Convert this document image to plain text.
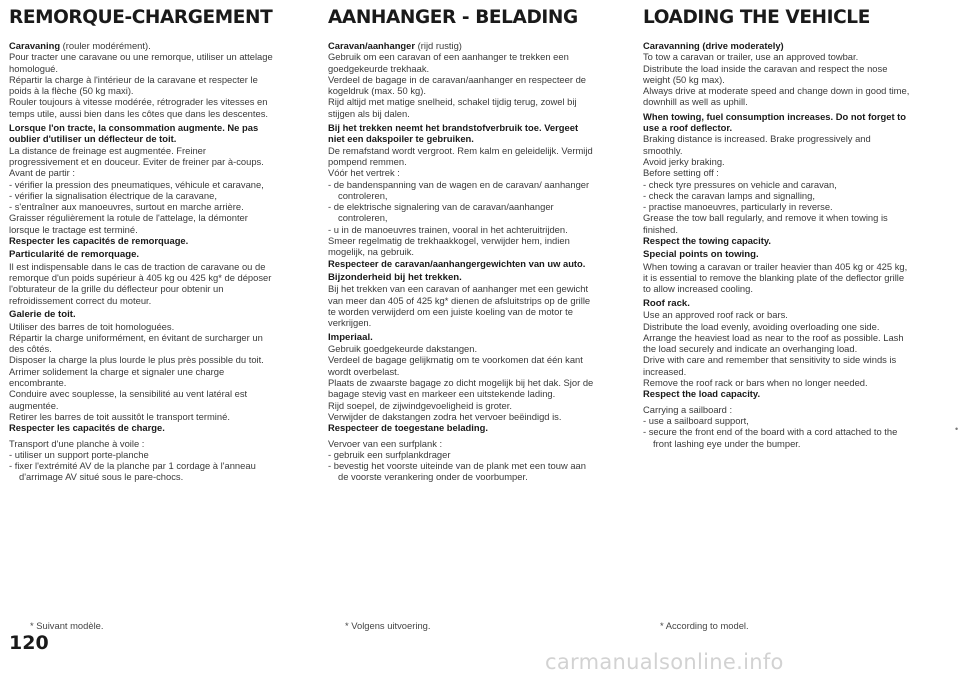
REMORQUE-CHARGEMENT

Caravaning (rouler modérément).

Pour tracter une caravane ou une remorque, utiliser un attelage

homologué.

Répartir la charge à l'intérieur de la caravane et respecter le

poids à la flèche (50 kg maxi).

Rouler toujours à vitesse modérée, rétrograder les vitesses en

temps utile, aussi bien dans les côtes que dans les descentes.

Lorsque l'on tracte, la consommation augmente. Ne pas

oublier d'utiliser un déflecteur de toit.

La distance de freinage est augmentée. Freiner

progressivement et en douceur. Eviter de freiner par à-coups.

Avant de partir :

- vérifier la pression des pneumatiques, véhicule et caravane,

- vérifier la signalisation électrique de la caravane,

- s'entraîner aux manoeuvres, surtout en marche arrière.

Graisser régulièrement la rotule de l'attelage, la démonter

lorsque le tractage est terminé.

Respecter les capacités de remorquage.

Particularité de remorquage.

Il est indispensable dans le cas de traction de caravane ou de

remorque d'un poids supérieur à 405 kg ou 425 kg* de déposer

l'obturateur de la grille du déflecteur pour obtenir un

refroidissement correct du moteur.

Galerie de toit.

Utiliser des barres de toit homologuées.

Répartir la charge uniformément, en évitant de surcharger un

des côtés.

Disposer la charge la plus lourde le plus près possible du toit.

Arrimer solidement la charge et signaler une charge

encombrante.

Conduire avec souplesse, la sensibilité au vent latéral est

augmentée.

Retirer les barres de toit aussitôt le transport terminé.

Respecter les capacités de charge.

Transport d'une planche à voile :

- utiliser un support porte-planche

- fixer l'extrémité AV de la planche par 1 cordage à l'anneau

d'arrimage AV situé sous le pare-chocs.

AANHANGER - BELADING

Caravan/aanhanger (rijd rustig)

Gebruik om een caravan of een aanhanger te trekken een

goedgekeurde trekhaak.

Verdeel de bagage in de caravan/aanhanger en respecteer de

kogeldruk (max. 50 kg).

Rijd altijd met matige snelheid, schakel tijdig terug, zowel bij

stijgen als bij dalen.

Bij het trekken neemt het brandstofverbruik toe. Vergeet

niet een dakspoiler te gebruiken.

De remafstand wordt vergroot. Rem kalm en geleidelijk. Vermijd

pompend remmen.

Vóór het vertrek :

- de bandenspanning van de wagen en de caravan/ aanhanger

controleren,

- de elektrische signalering van de caravan/aanhanger

controleren,

- u in de manoeuvres trainen, vooral in het achteruitrijden.

Smeer regelmatig de trekhaakkogel, verwijder hem, indien

mogelijk, na gebruik.

Respecteer de caravan/aanhangergewichten van uw auto.

Bijzonderheid bij het trekken.

Bij het trekken van een caravan of aanhanger met een gewicht

van meer dan 405 of 425 kg* dienen de afsluitstrips op de grille

te worden verwijderd om een juiste koeling van de motor te

verkrijgen.

Imperiaal.

Gebruik goedgekeurde dakstangen.

Verdeel de bagage gelijkmatig om te voorkomen dat één kant

wordt overbelast.

Plaats de zwaarste bagage zo dicht mogelijk bij het dak. Sjor de

bagage stevig vast en markeer een uitstekende lading.

Rijd soepel, de zijwindgevoeligheid is groter.

Verwijder de dakstangen zodra het vervoer beëindigd is.

Respecteer de toegestane belading.

Vervoer van een surfplank :

- gebruik een surfplankdrager

- bevestig het voorste uiteinde van de plank met een touw aan

de voorste verankering onder de voorbumper.

LOADING THE VEHICLE

Caravanning (drive moderately)

To tow a caravan or trailer, use an approved towbar.

Distribute the load inside the caravan and respect the nose

weight (50 kg max).

Always drive at moderate speed and change down in good time,

downhill as well as uphill.

When towing, fuel consumption increases. Do not forget to

use a roof deflector.

Braking distance is increased. Brake progressively and

smoothly.

Avoid jerky braking.

Before setting off :

- check tyre pressures on vehicle and caravan,

- check the caravan lamps and signalling,

- practise manoeuvres, particularly in reverse.

Grease the tow ball regularly, and remove it when towing is

finished.

Respect the towing capacity.

Special points on towing.

When towing a caravan or trailer heavier than 405 kg or 425 kg,

it is essential to remove the blanking plate of the deflector grille

to allow increased cooling.

Roof rack.

Use an approved roof rack or bars.

Distribute the load evenly, avoiding overloading one side.

Arrange the heaviest load as near to the roof as possible. Lash

the load securely and indicate an overhanging load.

Drive with care and remember that sensitivity to side winds is

increased.

Remove the roof rack or bars when no longer needed.

Respect the load capacity.

Carrying a sailboard :

- use a sailboard support,

- secure the front end of the board with a cord attached to the

front lashing eye under the bumper.

* Suivant modèle.	* Volgens uitvoering.	* According to model.
120
carmanualsonline.info
•
